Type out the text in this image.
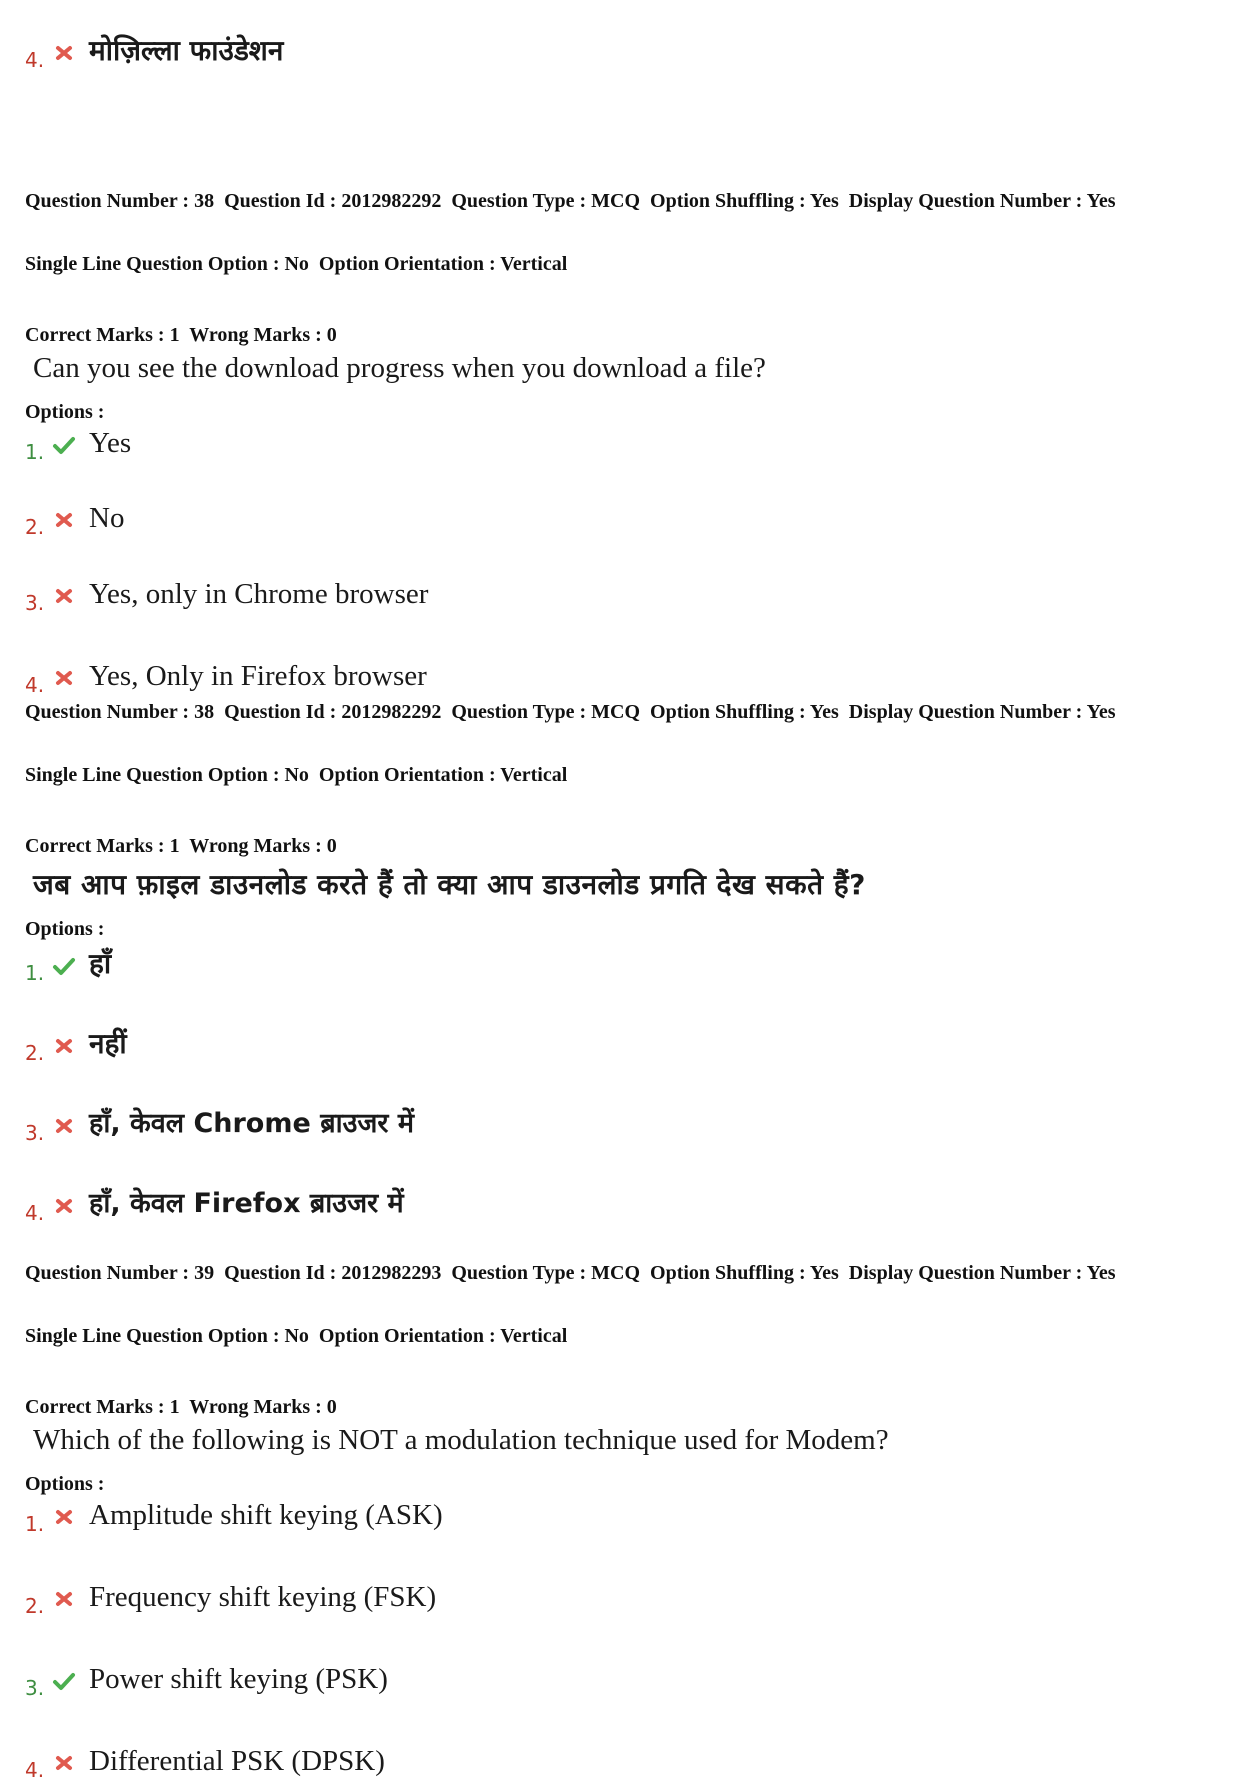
4. मोज़िल्ला फाउंडेशन

Question Number : 38  Question Id : 2012982292  Question Type : MCQ  Option Shuffling : Yes  Display Question Number : Yes

Single Line Question Option : No  Option Orientation : Vertical

Correct Marks : 1  Wrong Marks : 0
Can you see the download progress when you download a file?
Options :
1. Yes
2. No
3. Yes, only in Chrome browser
4. Yes, Only in Firefox browser

Question Number : 38  Question Id : 2012982292  Question Type : MCQ  Option Shuffling : Yes  Display Question Number : Yes

Single Line Question Option : No  Option Orientation : Vertical

Correct Marks : 1  Wrong Marks : 0
जब आप फ़ाइल डाउनलोड करते हैं तो क्या आप डाउनलोड प्रगति देख सकते हैं?
Options :
1. हाँ
2. नहीं
3. हाँ, केवल Chrome ब्राउजर में
4. हाँ, केवल Firefox ब्राउजर में

Question Number : 39  Question Id : 2012982293  Question Type : MCQ  Option Shuffling : Yes  Display Question Number : Yes

Single Line Question Option : No  Option Orientation : Vertical

Correct Marks : 1  Wrong Marks : 0
Which of the following is NOT a modulation technique used for Modem?
Options :
1. Amplitude shift keying (ASK)
2. Frequency shift keying (FSK)
3. Power shift keying (PSK)
4. Differential PSK (DPSK)
